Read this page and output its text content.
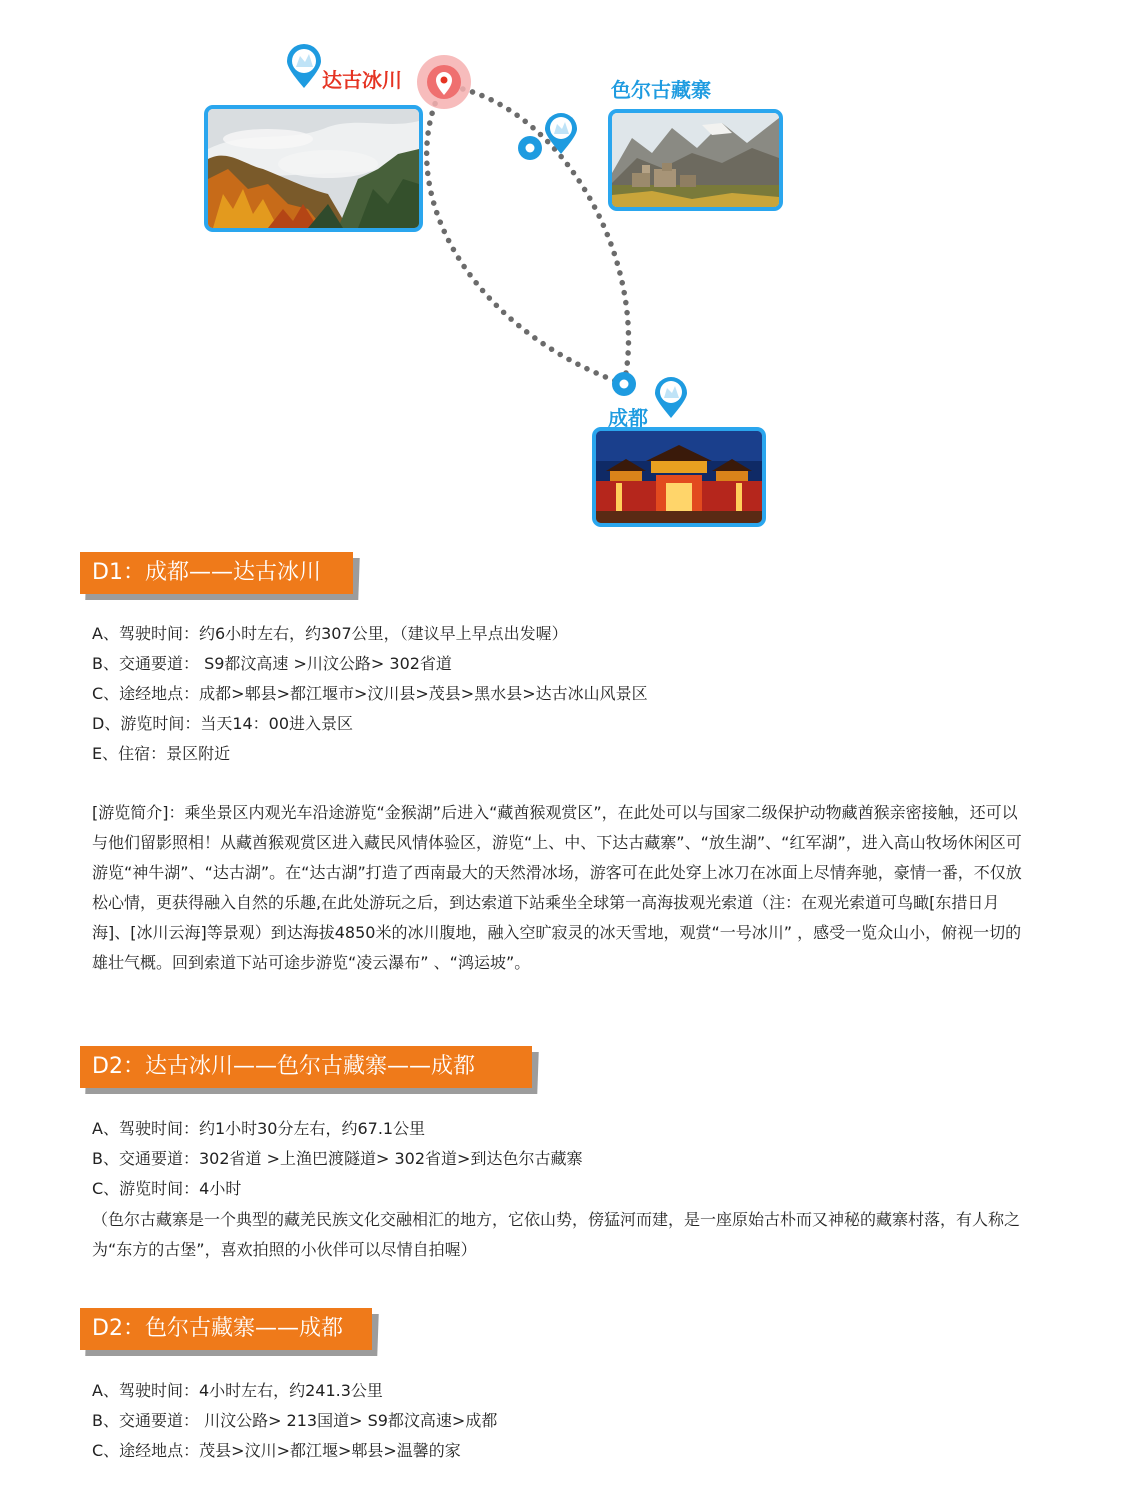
达古冰川	色尔古藏寨
成都
D1：成都——达古冰川
A、驾驶时间：约6小时左右，约307公里，（建议早上早点出发喔）
B、交通要道： S9都汶高速 >川汶公路> 302省道
C、途经地点：成都>郫县>都江堰市>汶川县>茂县>黑水县>达古冰山风景区
D、游览时间：当天14：00进入景区
E、住宿：景区附近
[游览简介]：乘坐景区内观光车沿途游览“金猴湖”后进入“藏酋猴观赏区”，在此处可以与国家二级保护动物藏酋猴亲密接触，还可以与他们留影照相！从藏酋猴观赏区进入藏民风情体验区，游览“上、中、下达古藏寨”、“放生湖”、“红军湖”，进入高山牧场休闲区可游览“神牛湖”、“达古湖”。在“达古湖”打造了西南最大的天然滑冰场，游客可在此处穿上冰刀在冰面上尽情奔驰，豪情一番，不仅放松心情，更获得融入自然的乐趣,在此处游玩之后，到达索道下站乘坐全球第一高海拔观光索道（注：在观光索道可鸟瞰[东措日月海]、[冰川云海]等景观）到达海拔4850米的冰川腹地，融入空旷寂灵的冰天雪地，观赏“一号冰川” ，感受一览众山小，俯视一切的雄壮气概。回到索道下站可途步游览“凌云瀑布” 、“鸿运坡”。
D2：达古冰川——色尔古藏寨——成都
A、驾驶时间：约1小时30分左右，约67.1公里
B、交通要道：302省道 >上渔巴渡隧道> 302省道>到达色尔古藏寨
C、游览时间：4小时
（色尔古藏寨是一个典型的藏羌民族文化交融相汇的地方，它依山势，傍猛河而建，是一座原始古朴而又神秘的藏寨村落，有人称之为“东方的古堡”，喜欢拍照的小伙伴可以尽情自拍喔）
D2：色尔古藏寨——成都
A、驾驶时间：4小时左右，约241.3公里
B、交通要道： 川汶公路> 213国道> S9都汶高速>成都
C、途经地点：茂县>汶川>都江堰>郫县>温馨的家
